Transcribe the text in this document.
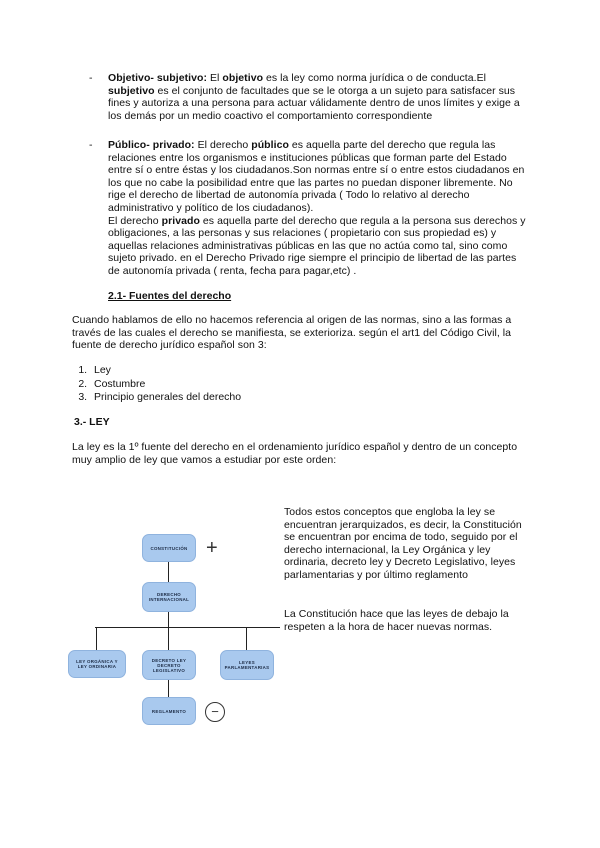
- Objetivo- subjetivo: El objetivo es la ley como norma jurídica o de conducta.El
subjetivo es el conjunto de facultades que se le otorga a un sujeto para satisfacer sus fines y autoriza a una persona para actuar válidamente dentro de unos límites y exige a los demás por un medio coactivo el comportamiento correspondiente
- Público- privado: El derecho público es aquella parte del derecho que regula las relaciones entre los organismos e instituciones públicas que forman parte del Estado entre sí o entre éstas y los ciudadanos.Son normas entre sí o entre estos ciudadanos en los que no cabe la posibilidad entre que las partes no puedan disponer libremente. No rige el derecho de libertad de autonomía privada ( Todo lo relativo al derecho administrativo y político de los ciudadanos).
El derecho privado es aquella parte del derecho que regula a la persona sus derechos y obligaciones, a las personas y sus relaciones ( propietario con sus propiedad es) y aquellas relaciones administrativas públicas en las que no actúa como tal, sino como sujeto privado. en el Derecho Privado rige siempre el principio de libertad de las partes de autonomía privada ( renta, fecha para pagar,etc) .
2.1- Fuentes del derecho
Cuando hablamos de ello no hacemos referencia al origen de las normas, sino a las formas a través de las cuales el derecho se manifiesta, se exterioriza. según el art1 del Código Civil, la fuente de derecho jurídico español son 3:
1. Ley
2. Costumbre
3. Principio generales del derecho
3.- LEY
La ley es la 1º fuente del derecho en el ordenamiento jurídico español y dentro de un concepto muy amplio de ley que vamos a estudiar por este orden:
CONSTITUCIÓN
DERECHO INTERNACIONAL
LEY ORGÁNICA Y LEY ORDINARIA
DECRETO LEY DECRETO LEGISLATIVO
LEYES PARLAMENTARIAS
REGLAMENTO
+
−
Todos estos conceptos que engloba la ley se encuentran jerarquizados, es decir, la Constitución se encuentran por encima de todo, seguido por el derecho internacional, la Ley Orgánica y ley ordinaria, decreto ley y Decreto Legislativo, leyes parlamentarias y por último reglamento
La Constitución hace que las leyes de debajo la respeten a la hora de hacer nuevas normas.
